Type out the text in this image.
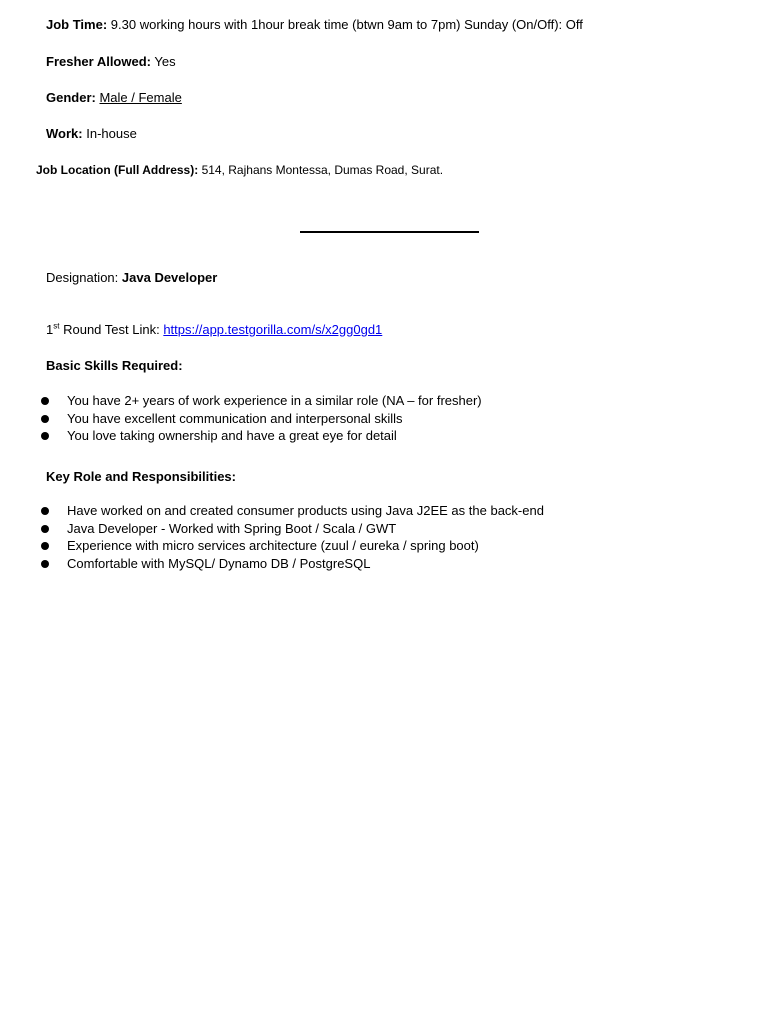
Job Time: 9.30 working hours with 1hour break time (btwn 9am to 7pm) Sunday (On/Off): Off
Fresher Allowed: Yes
Gender: Male / Female
Work: In-house
Job Location (Full Address): 514, Rajhans Montessa, Dumas Road, Surat.
Designation: Java Developer
1st Round Test Link: https://app.testgorilla.com/s/x2gg0gd1
Basic Skills Required:
You have 2+ years of work experience in a similar role (NA – for fresher)
You have excellent communication and interpersonal skills
You love taking ownership and have a great eye for detail
Key Role and Responsibilities:
Have worked on and created consumer products using Java J2EE as the back-end
Java Developer - Worked with Spring Boot / Scala / GWT
Experience with micro services architecture (zuul / eureka / spring boot)
Comfortable with MySQL/ Dynamo DB / PostgreSQL
